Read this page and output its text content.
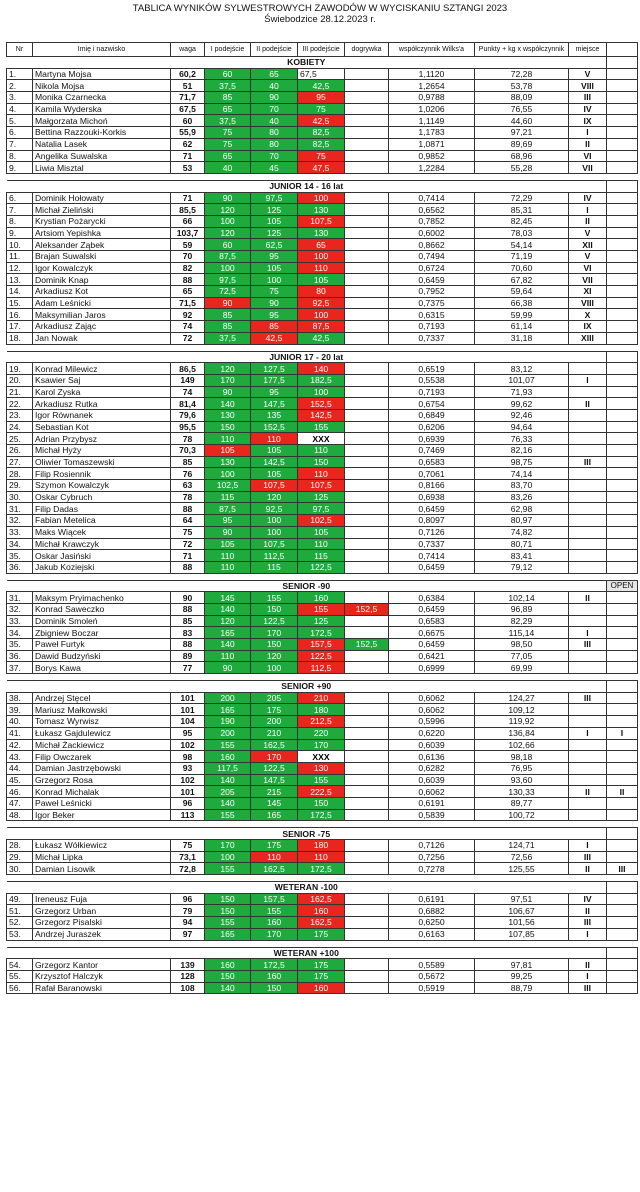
TABLICA WYNIKÓW SYLWESTROWYCH ZAWODÓW W WYCISKANIU SZTANGI 2023
Świebodzice 28.12.2023 r.
Nr	Imię i nazwisko	waga	I podejście	II podejście	III podejście	dogrywka	współczynnik Wilks'a	Punkty + kg x współczynnik	miejsce	
KOBIETY										
1.	Martyna Mojsa	60,2	60	65	67,5		1,1120	72,28	V	
2.	Nikola Mojsa	51	37,5	40	42,5		1,2654	53,78	VIII	
3.	Monika Czarnecka	71,7	85	90	95		0,9788	88,09	III	
4.	Kamila Wyderska	67,5	65	70	75		1,0206	76,55	IV	
5.	Małgorzata Michoń	60	37,5	40	42,5		1,1149	44,60	IX	
6.	Bettina Razzouki-Korkis	55,9	75	80	82,5		1,1783	97,21	I	
7.	Natalia Lasek	62	75	80	82,5		1,0871	89,69	II	
8.	Angelika Suwalska	71	65	70	75		0,9852	68,96	VI	
9.	Liwia Misztal	53	40	45	47,5		1,2284	55,28	VII	

JUNIOR 14 - 16 lat										
6.	Dominik Hołowaty	71	90	97,5	100		0,7414	72,29	IV	
7.	Michał Zieliński	85,5	120	125	130		0,6562	85,31	I	
8.	Krystian Pożarycki	66	100	105	107,5		0,7852	82,45	II	
9.	Artsiom Yepishka	103,7	120	125	130		0,6002	78,03	V	
10.	Aleksander Ząbek	59	60	62,5	65		0,8662	54,14	XII	
11.	Brajan Suwalski	70	87,5	95	100		0,7494	71,19	V	
12.	Igor Kowalczyk	82	100	105	110		0,6724	70,60	VI	
13.	Dominik Knap	88	97,5	100	105		0,6459	67,82	VII	
14.	Arkadiusz Kot	65	72,5	75	80		0,7952	59,64	XI	
15.	Adam Leśnicki	71,5	90	90	92,5		0,7375	66,38	VIII	
16.	Maksymilian Jaros	92	85	95	100		0,6315	59,99	X	
17.	Arkadiusz Zając	74	85	85	87,5		0,7193	61,14	IX	
18.	Jan Nowak	72	37,5	42,5	42,5		0,7337	31,18	XIII	

JUNIOR 17 - 20 lat										
19.	Konrad Milewicz	86,5	120	127,5	140		0,6519	83,12		
20.	Ksawier Saj	149	170	177,5	182,5		0,5538	101,07	I	
21.	Karol Zyska	74	90	95	100		0,7193	71,93		
22.	Arkadiusz Rutka	81,4	140	147,5	152,5		0,6754	99,62	II	
23.	Igor Równanek	79,6	130	135	142,5		0,6849	92,46		
24.	Sebastian Kot	95,5	150	152,5	155		0,6206	94,64		
25.	Adrian Przybysz	78	110	110	XXX		0,6939	76,33		
26.	Michał Hyży	70,3	105	105	110		0,7469	82,16		
27.	Oliwier Tomaszewski	85	130	142,5	150		0,6583	98,75	III	
28.	Filip Rosiennik	76	100	105	110		0,7061	74,14		
29.	Szymon Kowalczyk	63	102,5	107,5	107,5		0,8166	83,70		
30.	Oskar Cybruch	78	115	120	125		0,6938	83,26		
31.	Filip Dadas	88	87,5	92,5	97,5		0,6459	62,98		
32.	Fabian Metelica	64	95	100	102,5		0,8097	80,97		
33.	Maks Wiącek	75	90	100	105		0,7126	74,82		
34.	Michał Krawczyk	72	105	107,5	110		0,7337	80,71		
35.	Oskar Jasiński	71	110	112,5	115		0,7414	83,41		
36.	Jakub Koziejski	88	110	115	122,5		0,6459	79,12		

SENIOR -90										OPEN
31.	Maksym Pryimachenko	90	145	155	160		0,6384	102,14	II	
32.	Konrad Saweczko	88	140	150	155	152,5	0,6459	96,89		
33.	Dominik Smoleń	85	120	122,5	125		0,6583	82,29		
34.	Zbigniew Boczar	83	165	170	172,5		0,6675	115,14	I	
35.	Paweł Furtyk	88	140	150	157,5	152,5	0,6459	98,50	III	
36.	Dawid Budzyński	89	110	120	122,5		0,6421	77,05		
37.	Borys Kawa	77	90	100	112,5		0,6999	69,99		

SENIOR +90										
38.	Andrzej Stęcel	101	200	205	210		0,6062	124,27	III	
39.	Mariusz Małkowski	101	165	175	180		0,6062	109,12		
40.	Tomasz Wyrwisz	104	190	200	212,5		0,5996	119,92		
41.	Łukasz Gajdulewicz	95	200	210	220		0,6220	136,84	I	I
42.	Michał Żackiewicz	102	155	162,5	170		0,6039	102,66		
43.	Filip Owczarek	98	160	170	XXX		0,6136	98,18		
44.	Damian Jastrzębowski	93	117,5	122,5	130		0,6282	76,95		
45.	Grzegorz Rosa	102	140	147,5	155		0,6039	93,60		
46.	Konrad Michalak	101	205	215	222,5		0,6062	130,33	II	II
47.	Paweł Leśnicki	96	140	145	150		0,6191	89,77		
48.	Igor Beker	113	155	165	172,5		0,5839	100,72		

SENIOR -75										
28.	Łukasz Wółkiewicz	75	170	175	180		0,7126	124,71	I	
29.	Michał Lipka	73,1	100	110	110		0,7256	72,56	III	
30.	Damian Lisowik	72,8	155	162,5	172,5		0,7278	125,55	II	III

WETERAN -100										
49.	Ireneusz Fuja	96	150	157,5	162,5		0,6191	97,51	IV	
51.	Grzegorz Urban	79	150	155	160		0,6882	106,67	II	
52.	Grzegorz Pisalski	94	155	160	162,5		0,6250	101,56	III	
53.	Andrzej Juraszek	97	165	170	175		0,6163	107,85	I	

WETERAN +100										
54.	Grzegorz Kantor	139	160	172,5	175		0,5589	97,81	II	
55.	Krzysztof Halczyk	128	150	160	175		0,5672	99,25	I	
56.	Rafał Baranowski	108	140	150	160		0,5919	88,79	III	
